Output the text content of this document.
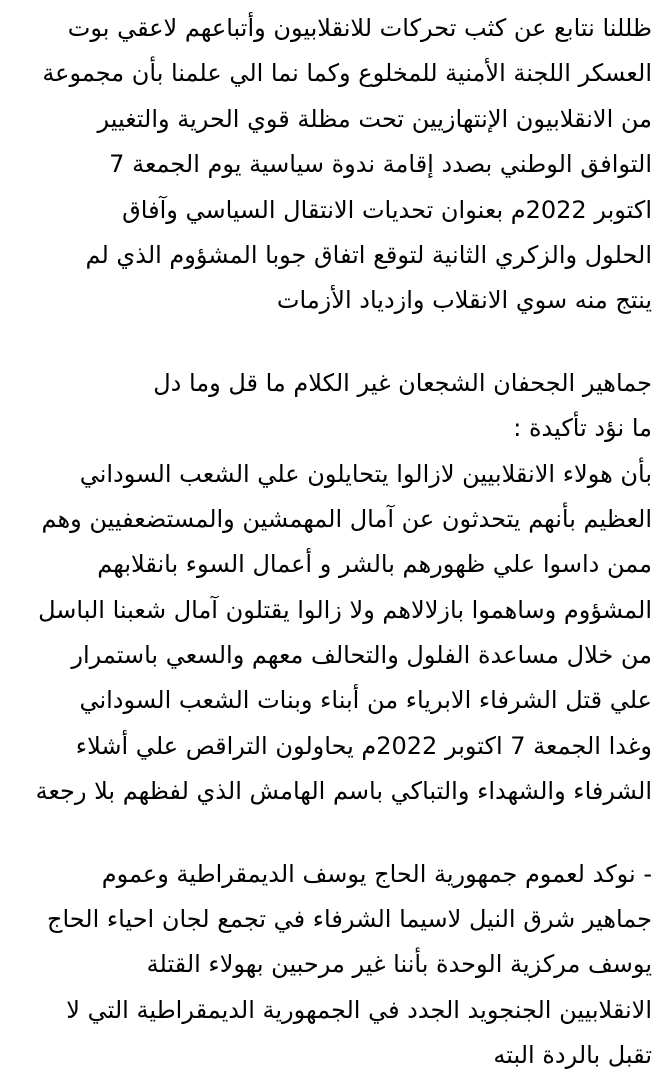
ظللنا نتابع عن كثب تحركات للانقلابيون وأتباعهم لاعقي بوت
العسكر اللجنة الأمنية للمخلوع وكما نما الي علمنا بأن مجموعة
من الانقلابيون الإنتهازيين تحت مظلة قوي الحرية والتغيير
التوافق الوطني بصدد إقامة ندوة سياسية يوم الجمعة 7
اكتوبر 2022م بعنوان تحديات الانتقال السياسي وآفاق
الحلول والزكري الثانية لتوقع اتفاق جوبا المشؤوم الذي لم
ينتج منه سوي الانقلاب وازدياد الأزمات
جماهير الجحفان الشجعان غير الكلام ما قل وما دل
ما نؤد تأكيدة :
بأن هولاء الانقلابيين لازالوا يتحايلون علي الشعب السوداني
العظيم بأنهم يتحدثون عن آمال المهمشين والمستضعفيين وهم
ممن داسوا علي ظهورهم بالشر و أعمال السوء بانقلابهم
المشؤوم وساهموا بازلالاهم ولا زالوا يقتلون آمال شعبنا الباسل
من خلال مساعدة الفلول والتحالف معهم والسعي باستمرار
علي قتل الشرفاء الابرياء من أبناء وبنات الشعب السوداني
وغدا الجمعة 7 اكتوبر 2022م يحاولون التراقص علي أشلاء
الشرفاء والشهداء والتباكي باسم الهامش الذي لفظهم بلا رجعة
- نوكد لعموم جمهورية الحاج يوسف الديمقراطية وعموم
جماهير شرق النيل لاسيما الشرفاء في تجمع لجان احياء الحاج
يوسف مركزية الوحدة بأننا غير مرحبين بهولاء القتلة
الانقلابيين الجنجويد الجدد في الجمهورية الديمقراطية التي لا
تقبل بالردة البته
